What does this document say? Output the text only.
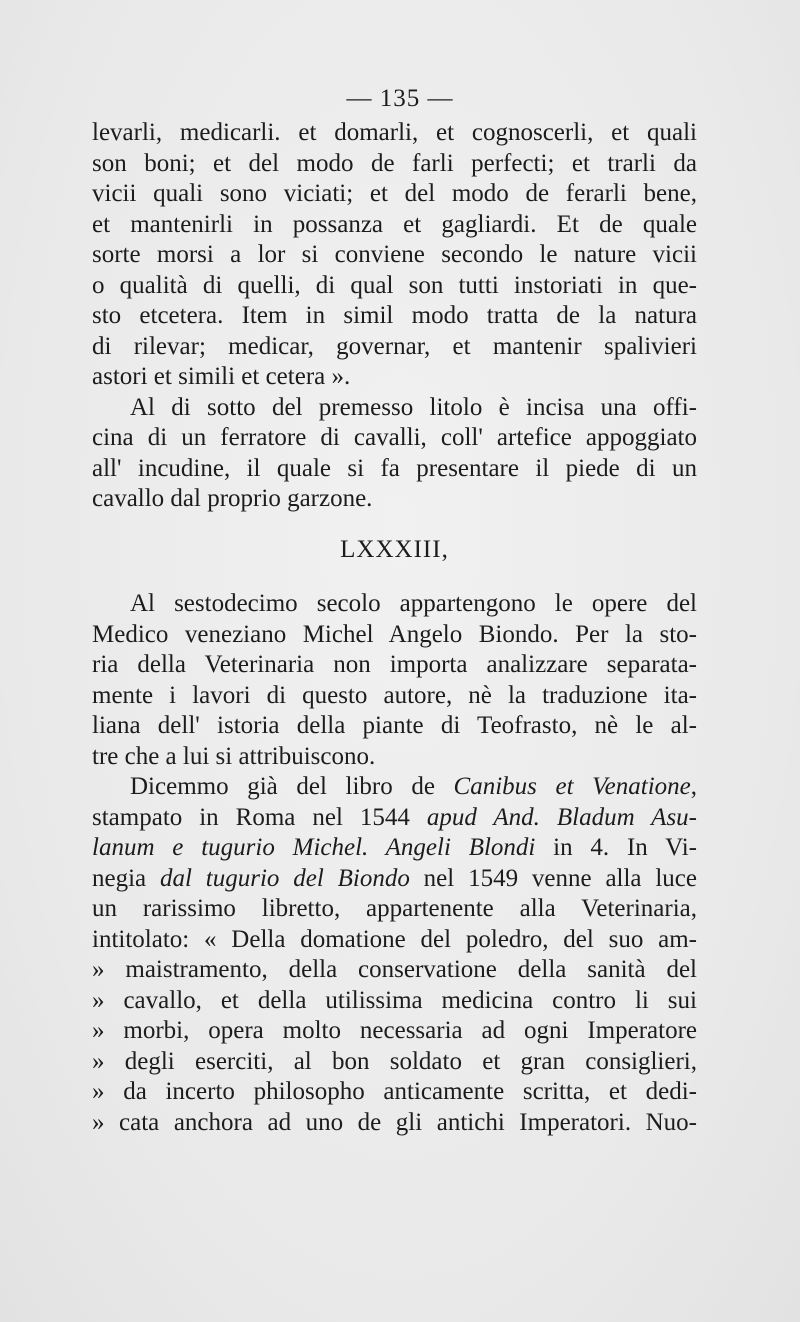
— 135 —
levarli, medicarli. et domarli, et cognoscerli, et quali
son boni; et del modo de farli perfecti; et trarli da
vicii quali sono viciati; et del modo de ferarli bene,
et mantenirli in possanza et gagliardi. Et de quale
sorte morsi a lor si conviene secondo le nature vicii
o qualità di quelli, di qual son tutti instoriati in que-
sto etcetera. Item in simil modo tratta de la natura
di rilevar; medicar, governar, et mantenir spalivieri
astori et simili et cetera ».
Al di sotto del premesso litolo è incisa una offi-
cina di un ferratore di cavalli, coll' artefice appoggiato
all' incudine, il quale si fa presentare il piede di un
cavallo dal proprio garzone.
LXXXIII,
Al sestodecimo secolo appartengono le opere del
Medico veneziano Michel Angelo Biondo. Per la sto-
ria della Veterinaria non importa analizzare separata-
mente i lavori di questo autore, nè la traduzione ita-
liana dell' istoria della piante di Teofrasto, nè le al-
tre che a lui si attribuiscono.
Dicemmo già del libro de Canibus et Venatione,
stampato in Roma nel 1544 apud And. Bladum Asu-
lanum e tugurio Michel. Angeli Blondi in 4. In Vi-
negia dal tugurio del Biondo nel 1549 venne alla luce
un rarissimo libretto, appartenente alla Veterinaria,
intitolato: « Della domatione del poledro, del suo am-
» maistramento, della conservatione della sanità del
» cavallo, et della utilissima medicina contro li sui
» morbi, opera molto necessaria ad ogni Imperatore
» degli eserciti, al bon soldato et gran consiglieri,
» da incerto philosopho anticamente scritta, et dedi-
» cata anchora ad uno de gli antichi Imperatori. Nuo-
